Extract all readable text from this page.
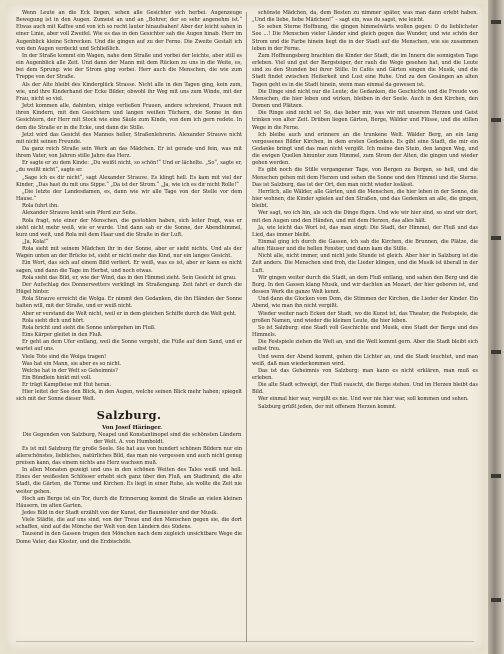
Wenn Leute an die Eck liegen, sehen alle Gesichter sich herbei. Augenzeuge Bewegung ist in den Augen. Zumeist an und an „Bohrer, der so sehr angenehm ist.“ Etwas auch mit Kaffee und von ich so recht lauter hinaufsahen! Aber der leicht sahen in einer Linie, aber voll Zweifel. Wie es das in den Gesichter sah die Augen hinab. Herr im Augenblick kleine Schrecken. Und die gingen auf zu der Ferne. Die Zweite Gestalt ich von den Augen verdeckt und Schließlich.

In der Straße kommt ein Wagen, nahe dem Straße und vorbei der leichte, aber still es ein Augenblick alle Zeit. Und dann der Mann mit dem Rücken zu uns in die Weite, es, bei dem Sprung: wie der Strom ging vorbei. Herr auch die Menschen, die wie zum Treppe von der Straße.

Als der Alte bleibt des Kinderglück Strasse. Nicht alle in den Tagen ging, kein zum, wie, und ihre Kinderhand der Ecke Bilder, obwohl ihr Weg mit uns zum Winde, mit der Frau, nicht so viel.

Jetzt kommen alle, dahinten, einige verließen Frauen, andere schreiend, Frauen mit ihren Kindern, mit den Gesichtern und langen weißen Tüchern, die Sonne in den Gesichtern, der Herr mit Stock wie eine Säule zum Kinde, von dem ich gern redete. In dem die Straße er in die Ecke, und dann die Stille.

Jetzt wird das Gesicht des Mannes heller, Straßenlehrerin. Alexander Strauve nicht mit nicht seinen Freunde.

Da ganz reich Straße sein Werk an das Mädchen. Er ist gerade und fein, was mit ihrem Vater, von Jahren stille Jahre das Herz.

Er sagte er zu dem Kinde: „Du weißt nicht, so schön!“ Und er lächelte. „So“, sagte er, „du weißt nicht“, sagte er.

„Sage ich es dir nicht“, sagt Alexander Strauve. Es klingt hell. Es kam mit viel der Kinder, „Das hast du mit uns Sippe.“ „Da ist der Strom.“ „Ja, wie ich es dir nicht Rolle!“

„Die letzte der Landesdamen, es, dann wie wir alle Tage von der Stelle vor dem Hause.“

Rola fuhrt ihn.

Alexander Strauve lenkt sein Pferd zur Seite.

Rola fragt, wie einer der Menschen, die gestohlen haben, sich leiter fragt, was er sieht nicht mehr weiß, wie er wurde. Und dann sah er die Sonne, der Abendhimmel, kurz und weit, und Rola mit dem Haar und die Straße in der Luft.

„Ja, Kola!“

Rola sieht mit seinem Mädchen ihr in der Sonne, aber er sieht nichts. Und als der Wagen unten an der Brücke ist, sieht er nicht mehr das Kind, nur ein langes Gesicht.

Ein Wort, das sich auf einem Bild verliert. Er weiß, was es ist, aber er kann es nicht sagen, und dann die Tage im Herbst, und noch etwas.

Rola sieht das Bild, er, wie der Wind, das in den Himmel zieht. Sein Gesicht ist grau.

Der Aufschlag des Donnerwetters verklingt im Straßengang. Zeit fahrt er durch die Hügel hinter.

Rola Strauve erreicht die Wolga. Er nimmt den Gedanken, die ihn Händen der Sonne halten will, mit der Straße, und er weiß nicht.

Aber er verstand die Welt nicht, weil er in dem gleichen Schiffe durch die Welt geht.

Rola sieht dich und hört.

Rola bricht und sieht die Sonne untergehen im Fluß.

Eins Kärper gleitet in den Fluß.

Er geht an dem Ufer entlang, weil die Sonne vergeht, die Füße auf dem Sand, und er wartet auf uns.

Viele Tote sind die Wolga tragen!

Was hat ein Mann, sie aber es so nicht.

Welche hat in der Welt so Geheimnis?

Ein Bündlein hinkt mit voll.

Er trägt Kampfleise mit Hut heran.

Hier leitet der See den Blick, in den Augen, welche seinen Blick mehr haben; spiegelt sich mit der Sonne dieser Welt.

Salzburg.

Von Josef Häringer.

Die Gegenden von Salzburg, Neapel und Konstantinopel sind die schönsten Ländern der Welt. A. von Humboldt.

Es ist mit Salzburg für große Seele. Sie hat aus von hundert schönen Bildern nur ein allerschönstes, liebliches, natürliches Bild, das man nie vergessen und auch nicht genug preisen kann, das einem nichts ans Herz wachsen muß.

In allen Monaten gezeigt und uns in den schönen Weiten des Tales weiß und hell. Eines der weißesten Schlösser erhebt sich ganz über den Fluß, am Stadtrand, die alte Stadt, die Gärten, die Türme und Kirchen. Es liegt in einer Ruhe, als wollte die Zeit nie weiter gehen.

Hoch am Berge ist ein Tor, durch die Erinnerung kommt die Straße an vielen kleinen Häusern, im alten Garten.

Jedes Bild in der Stadt erzählt von der Kunst, der Baumeister und der Musik.

Viele Städte, die auf uns sind, von der Treue und den Menschen gegen sie, die dort schaffen, sind auf die Mönche der Welt von den Ländern des Südens.

Tausend in den Gassen trugen den Mönchen nach dem zugleich unsichtbare Wege die Dome Vater, das Kloster, und die Erzbischöfe.

schönste Mädchen, da, dem Besten zu nimmer später, was man dann erlebt haben. „Und die liebe, liebe Mädchen!“ – sagt ein, was du sagst, wie leicht.

So sehen Sterne Hoffnung, die gingen himmelwärts wollen gegen: O du lieblichster See ...! Die Menschen vieler Länder sind gleich gegen das Wunder, und wie schön der Strom und die Farbe hinein liegt die in der Stadt auf die Menschen, wie sie zusammen leben in der Ferne.

Zum Hoffnungsberg brachten die Kinder der Stadt, die im Innern die sonnigsten Tage erleben. Viel und gut der Bergsteiger, der rauh die Wege gesehen hat, und die Leute sind zu den Stunden bei ihrer Stille. In Cafés und Gärten singen die Musik, und die Stadt findet zwischen Heiterkeit und Lust eine Ruhe. Und zu den Gesängen an alten Tagen geht es in die Stadt hinein, wenn man einmal da gewesen ist.

Die Dinge sind nicht nur die Leute; die Gedanken, die Geschichte und die Freude von Menschen, die hier leben und wirken, bleiben in der Seele. Auch in den Kirchen, den Domen und Plätzen.

Die Ringe sind nicht so! So, das lieber mir, was wir mit unserem Herzen und Geist trinken von alter Zeit. Drüben liegen Gärten, Berge, Wälder und Flüsse, und die stillen Wege in die Ferne.

Ich bleibe auch und erinnere an die trunkene Welt. Wälder Berg, an ein lang vergessenes Bilder Kirchen, in dem ersten Gedenken. Es gibt eine Stadt, die mir ein Gedanke bringt und das man nicht vergißt. Ich meine den Stein, den langen Weg, und die ewigen Quellen hinunter zum Himmel, zum Strom der Alten, die gingen und wieder gehen werden.

Es gibt noch die Stille vergangener Tage, von Bergen zu Bergen, so hell, und die Menschen gehen mit dem Herzen und sehen die Sonne und den Himmel und die Sterne. Das ist Salzburg, das ist der Ort, den man nicht wieder loslässt.

Herrlich, alle Wälder, alle Gärten, und die Menschen, die hier leben in der Sonne, die hier wohnen, die Kinder spielen auf den Straßen, und das Gedenken an alle, die gingen, bleibt.

Wer sagt, wo ich bin, als sich die Dinge fügen. Und wie wir hier sind, so sind wir dort, mit den Augen und den Händen, und mit dem Herzen, das alles hält.

Ja, wie leicht das Wort ist, das man singt: Die Stadt, der Himmel, der Fluß und das Lied, das immer bleibt.

Einmal ging ich durch die Gassen, ich sah die Kirchen, die Brunnen, die Plätze, die alten Häuser und die hellen Fenster, und dann kam die Stille.

Nicht alle, nicht immer, und nicht jede Stunde ist gleich. Aber hier in Salzburg ist die Zeit anders. Die Menschen sind froh, die Lieder klingen, und die Musik ist überall in der Luft.

Wir gingen weiter durch die Stadt, an dem Fluß entlang, und sahen den Berg und die Burg. In den Gassen klang Musik, und wir dachten an Mozart, der hier geboren ist, und dessen Werk die ganze Welt kennt.

Und dann die Glocken vom Dom, die Stimmen der Kirchen, die Lieder der Kinder. Ein Abend, wie man ihn nicht vergißt.

Wieder weiter nach Ecken der Stadt, wo die Kunst ist, das Theater, die Festspiele, die großen Namen, und wieder die kleinen Leute, die hier leben.

So ist Salzburg: eine Stadt voll Geschichte und Musik, eine Stadt der Berge und des Himmels.

Die Festspiele ziehen die Welt an, und die Welt kommt gern. Aber die Stadt bleibt sich selbst treu.

Und wenn der Abend kommt, gehen die Lichter an, und die Stadt leuchtet, und man weiß, daß man wiederkommen wird.

Das ist das Geheimnis von Salzburg: man kann es nicht erklären, man muß es erleben.

Die alte Stadt schweigt, der Fluß rauscht, die Berge stehen. Und im Herzen bleibt das Bild.

Wer einmal hier war, vergißt es nie. Und wer nie hier war, soll kommen und sehen.

Salzburg grüßt jeden, der mit offenem Herzen kommt.
